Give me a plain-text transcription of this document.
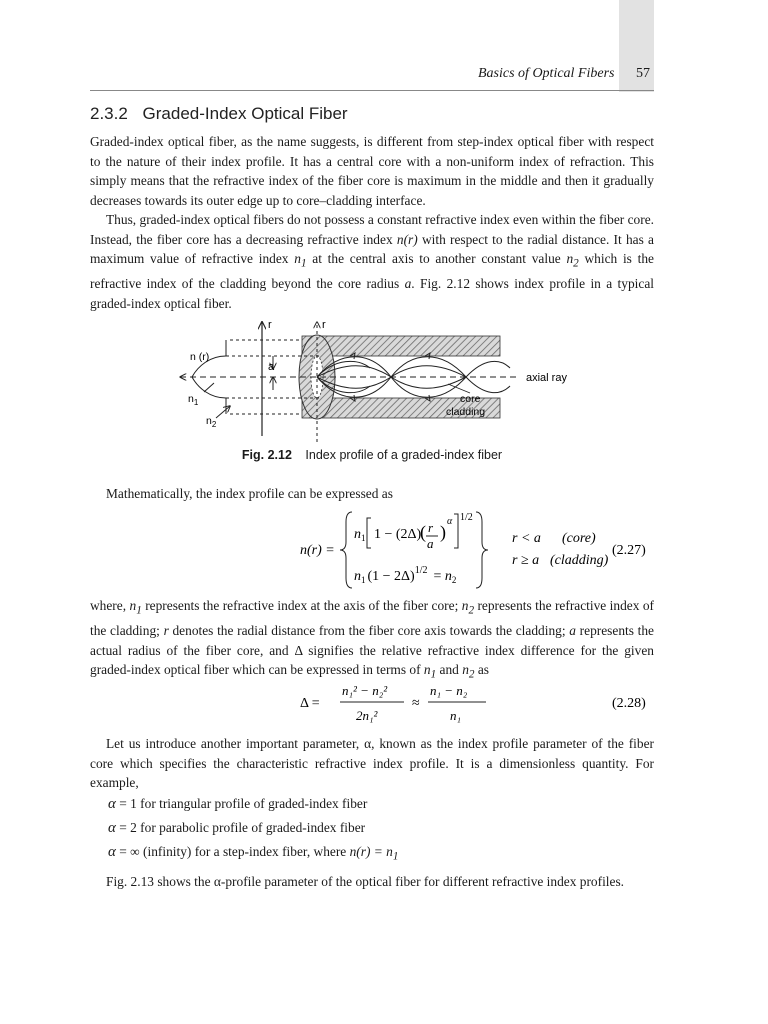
Basics of Optical Fibers 57
2.3.2 Graded-Index Optical Fiber

Graded-index optical fiber, as the name suggests, is different from step-index optical fiber with respect to the nature of their index profile. It has a central core with a non-uniform index of refraction. This simply means that the refractive index of the fiber core is maximum in the middle and then it gradually decreases towards its outer edge up to core–cladding interface.

Thus, graded-index optical fibers do not possess a constant refractive index even within the fiber core. Instead, the fiber core has a decreasing refractive index n(r) with respect to the radial distance. It has a maximum value of refractive index $n_1$ at the central axis to another constant value $n_2$ which is the refractive index of the cladding beyond the core radius a. Fig. 2.12 shows index profile in a typical graded-index optical fiber.

r	r
n (r)
a
$n_1$
$n_2$
axial ray
core
cladding
Fig. 2.12 Index profile of a graded-index fiber

Mathematically, the index profile can be expressed as

n(r) =
$n_1$ 1 − (2Δ)
( r
a
)
α 1/2
$n_1$ $(1 - 2\Delta)^{1/2} = n_2$
r < a (core)
r ≥ a (cladding)
(2.27)

where, $n_1$ represents the refractive index at the axis of the fiber core; $n_2$ represents the refractive index of the cladding; r denotes the radial distance from the fiber core axis towards the cladding; a represents the actual radius of the fiber core, and Δ signifies the relative refractive index difference for the given graded-index optical fiber which can be expressed in terms of $n_1$ and $n_2$ as

Δ =
n₁² − n₂²
2n₁²
≈
n₁ − n₂
n₁
(2.28)

Let us introduce another important parameter, α, known as the index profile parameter of the fiber core which specifies the characteristic refractive index profile. It is a dimensionless quantity. For example,

α = 1 for triangular profile of graded-index fiber
α = 2 for parabolic profile of graded-index fiber
α = ∞ (infinity) for a step-index fiber, where $n(r) = n_1$

Fig. 2.13 shows the α-profile parameter of the optical fiber for different refractive index profiles.
